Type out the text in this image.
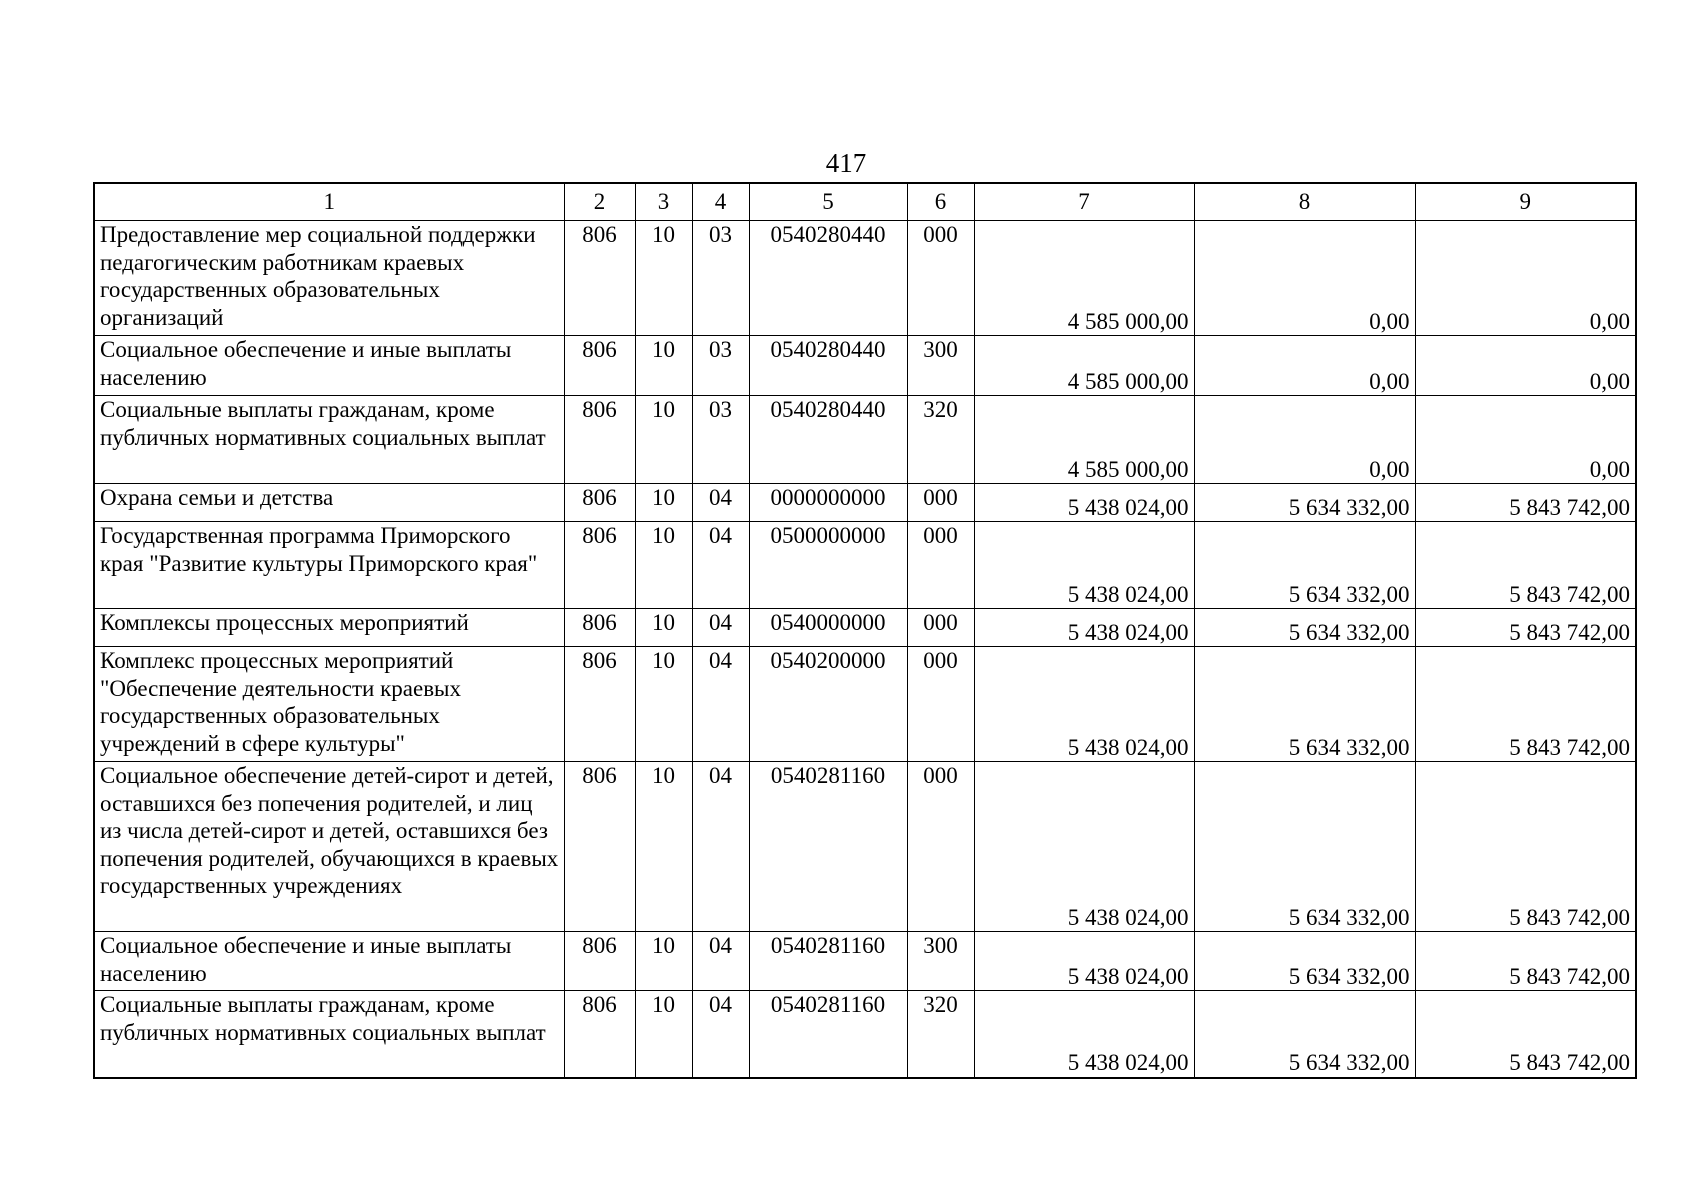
417
1	2	3	4	5	6	7	8	9
Предоставление мер социальной поддержки педагогическим работникам краевых государственных образовательных организаций	806	10	03	0540280440	000	4 585 000,00	0,00	0,00
Социальное обеспечение и иные выплаты населению	806	10	03	0540280440	300	4 585 000,00	0,00	0,00
Социальные выплаты гражданам, кроме публичных нормативных социальных выплат	806	10	03	0540280440	320	4 585 000,00	0,00	0,00
Охрана семьи и детства	806	10	04	0000000000	000	5 438 024,00	5 634 332,00	5 843 742,00
Государственная программа Приморского края "Развитие культуры Приморского края"	806	10	04	0500000000	000	5 438 024,00	5 634 332,00	5 843 742,00
Комплексы процессных мероприятий	806	10	04	0540000000	000	5 438 024,00	5 634 332,00	5 843 742,00
Комплекс процессных мероприятий "Обеспечение деятельности краевых государственных образовательных учреждений в сфере культуры"	806	10	04	0540200000	000	5 438 024,00	5 634 332,00	5 843 742,00
Социальное обеспечение детей-сирот и детей, оставшихся без попечения родителей, и лиц из числа детей-сирот и детей, оставшихся без попечения родителей, обучающихся в краевых государственных учреждениях	806	10	04	0540281160	000	5 438 024,00	5 634 332,00	5 843 742,00
Социальное обеспечение и иные выплаты населению	806	10	04	0540281160	300	5 438 024,00	5 634 332,00	5 843 742,00
Социальные выплаты гражданам, кроме публичных нормативных социальных выплат	806	10	04	0540281160	320	5 438 024,00	5 634 332,00	5 843 742,00
